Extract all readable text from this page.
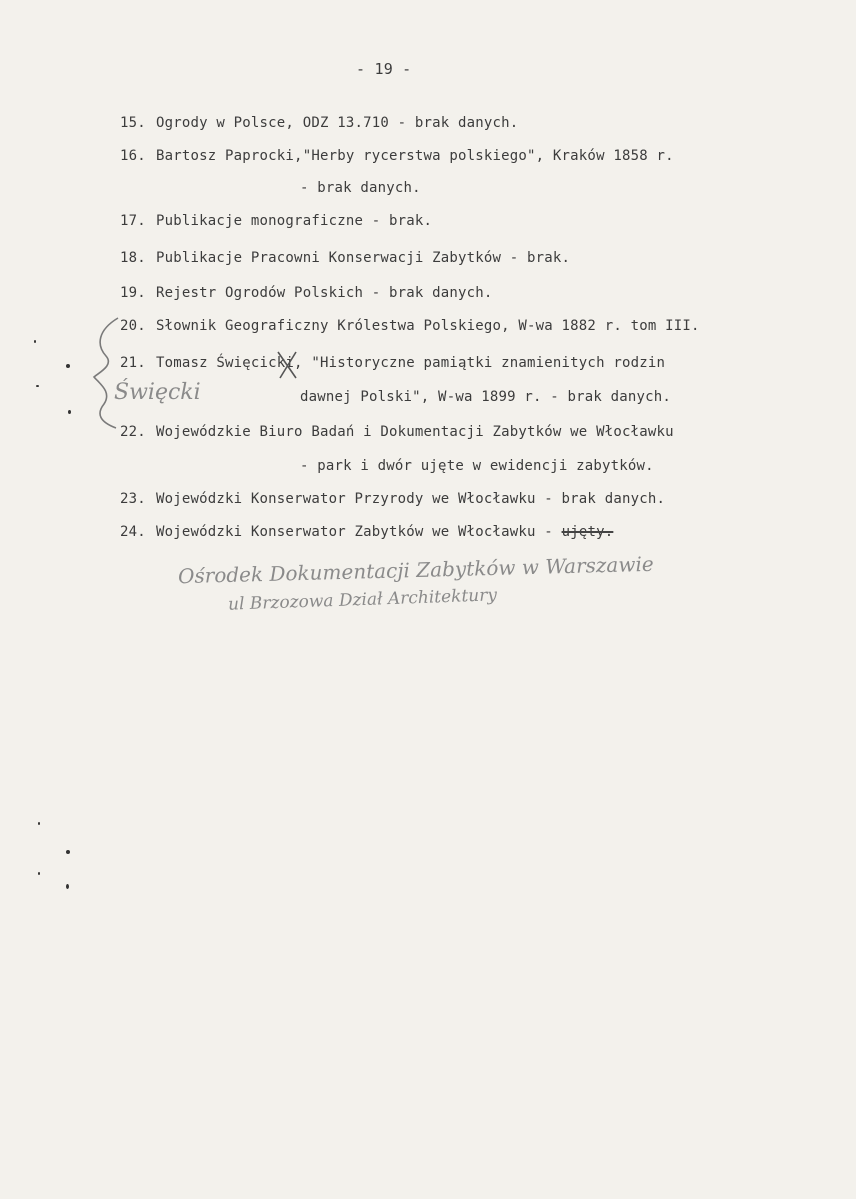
- 19 -
15. Ogrody w Polsce, ODZ 13.710 - brak danych.
16. Bartosz Paprocki,"Herby rycerstwa polskiego", Kraków 1858 r.
- brak danych.
17. Publikacje monograficzne - brak.
18. Publikacje Pracowni Konserwacji Zabytków - brak.
19. Rejestr Ogrodów Polskich - brak danych.
20. Słownik Geograficzny Królestwa Polskiego, W-wa 1882 r. tom III.
21. Tomasz Święcicki, "Historyczne pamiątki znamienitych rodzin
dawnej Polski", W-wa 1899 r. - brak danych.
22. Wojewódzkie Biuro Badań i Dokumentacji Zabytków we Włocławku
- park i dwór ujęte w ewidencji zabytków.
23. Wojewódzki Konserwator Przyrody we Włocławku - brak danych.
24. Wojewódzki Konserwator Zabytków we Włocławku - ujęty.
Święcki
Ośrodek Dokumentacji Zabytków w Warszawie
ul Brzozowa Dział Architektury
